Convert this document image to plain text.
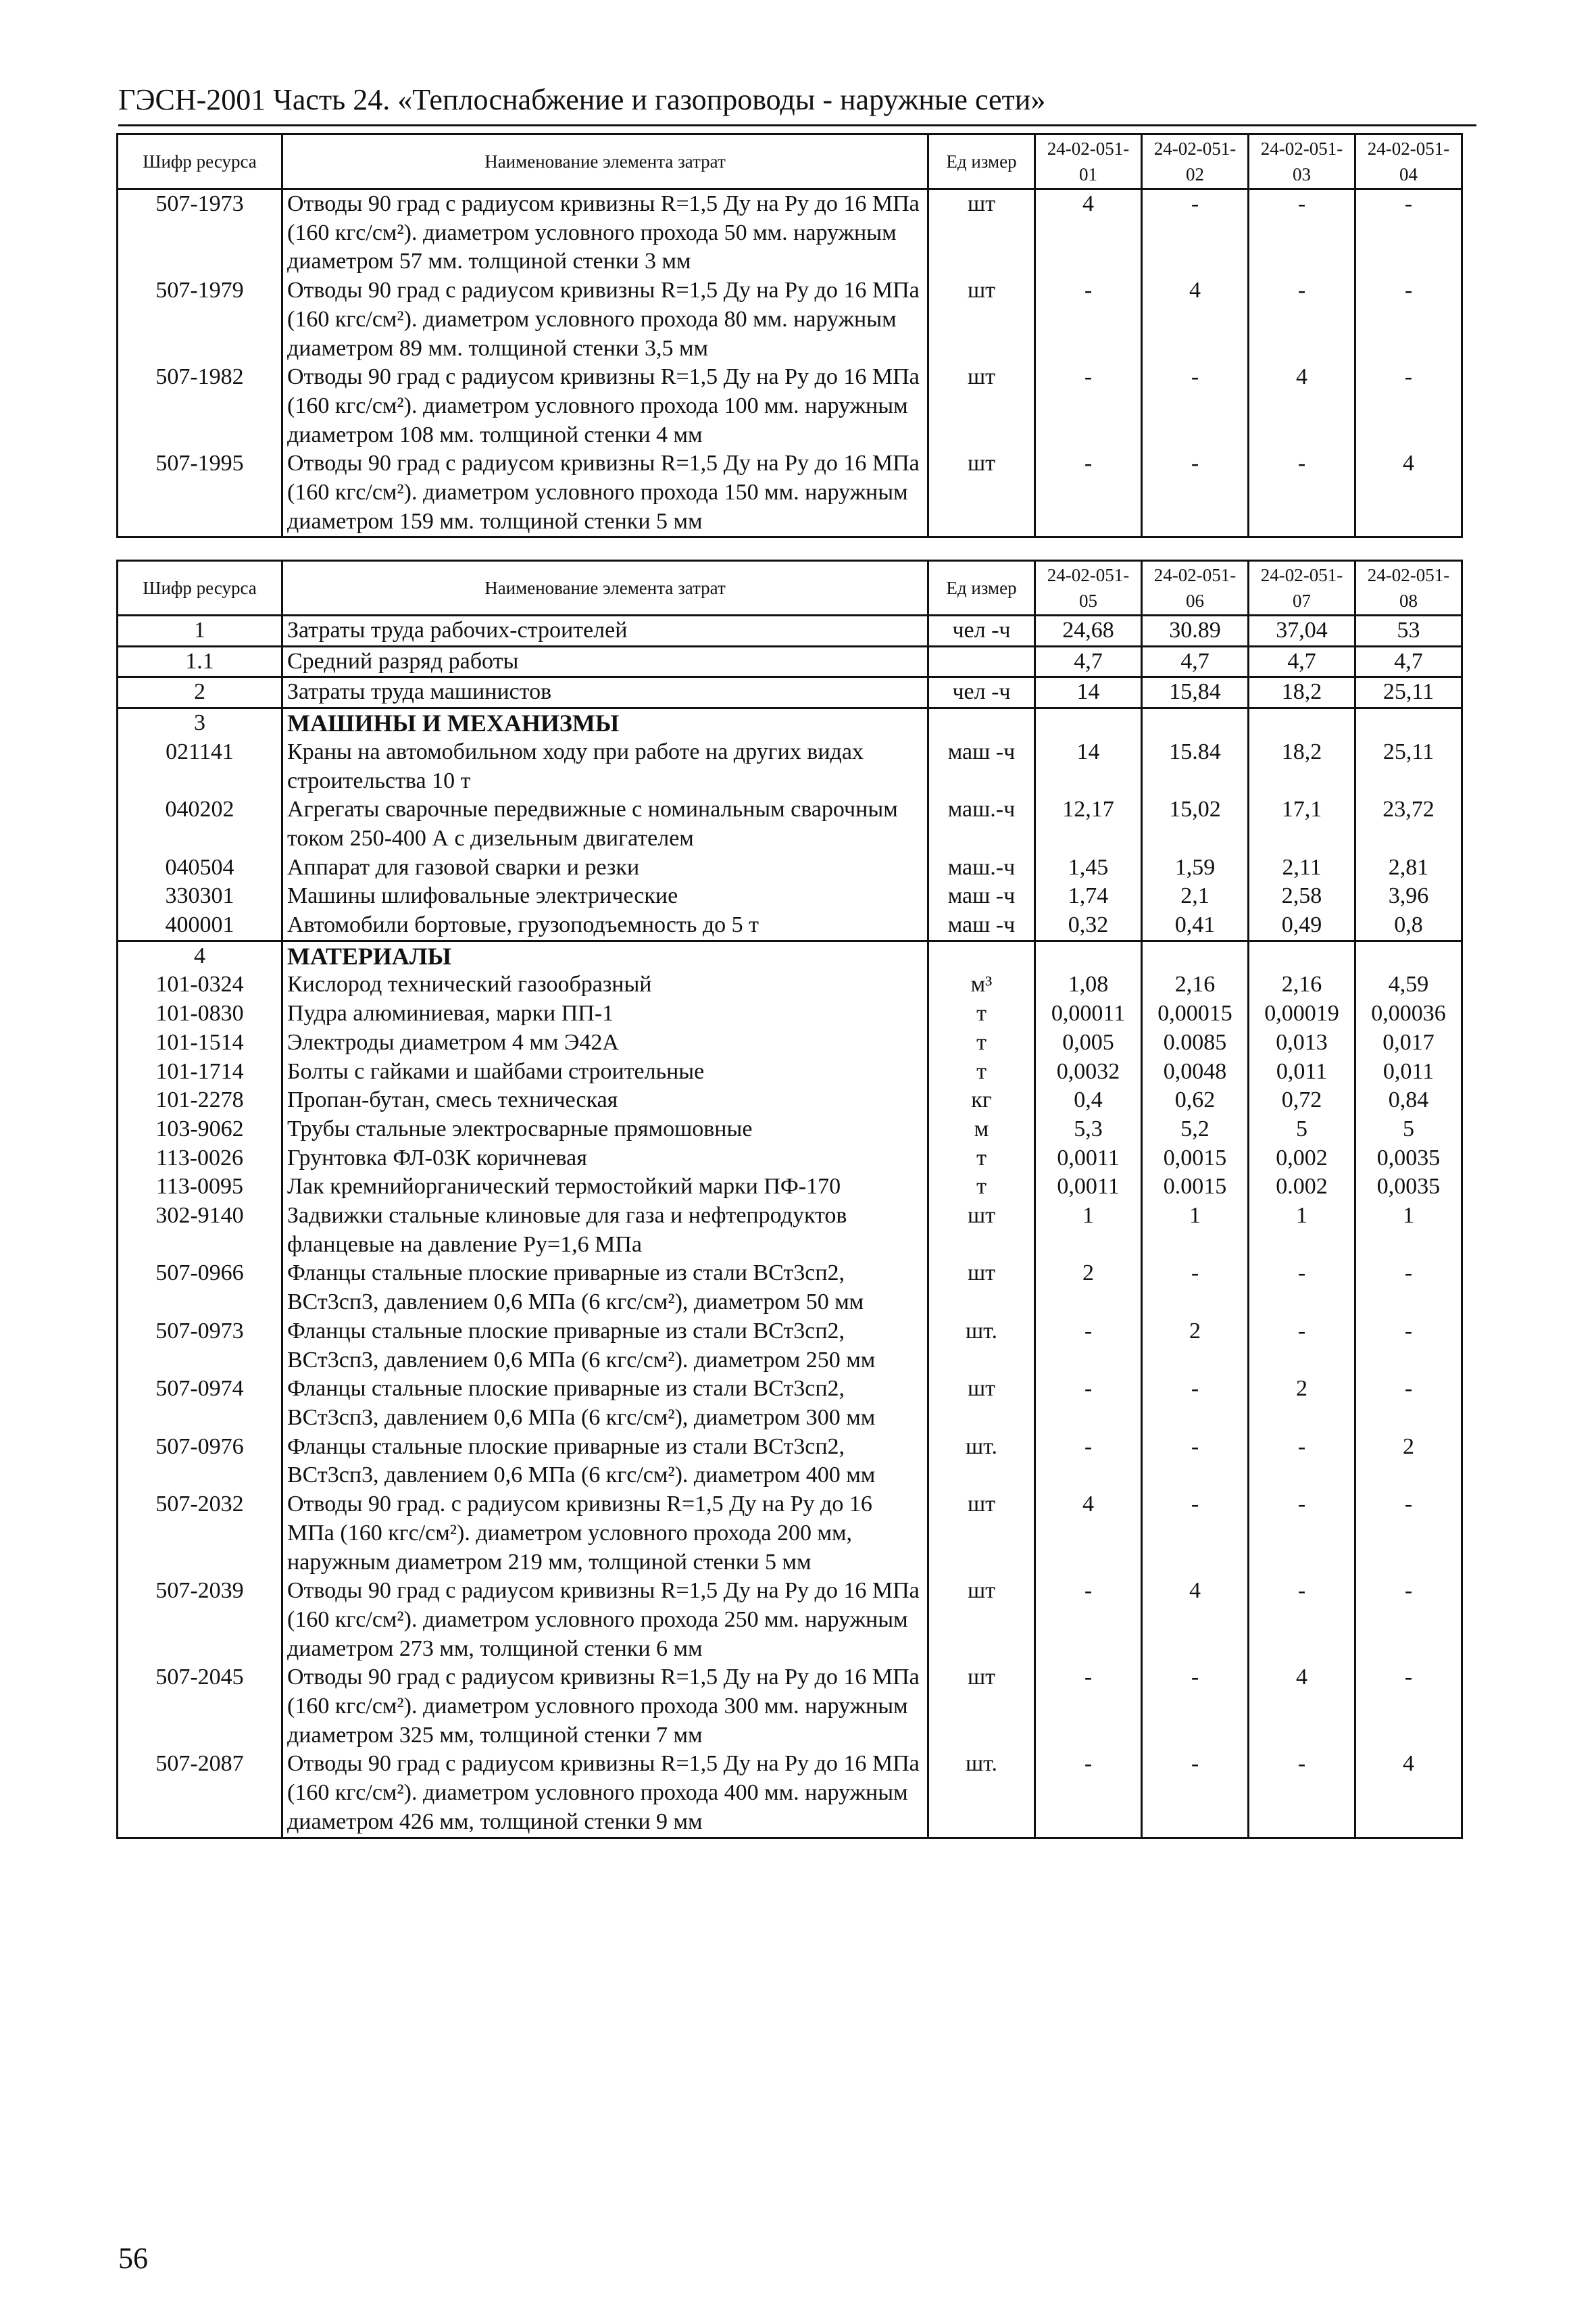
ГЭСН-2001 Часть 24. «Теплоснабжение и газопроводы - наружные сети»
Шифр ресурса	Наименование элемента затрат	Ед измер	24-02-051-01	24-02-051-02	24-02-051-03	24-02-051-04
507-1973	Отводы 90 град с радиусом кривизны R=1,5 Ду на Ру до 16 МПа (160 кгс/см²). диаметром условного прохода 50 мм. наружным диаметром 57 мм. толщиной стенки 3 мм	шт	4	-	-	-
507-1979	Отводы 90 град с радиусом кривизны R=1,5 Ду на Ру до 16 МПа (160 кгс/см²). диаметром условного прохода 80 мм. наружным диаметром 89 мм. толщиной стенки 3,5 мм	шт	-	4	-	-
507-1982	Отводы 90 град с радиусом кривизны R=1,5 Ду на Ру до 16 МПа (160 кгс/см²). диаметром условного прохода 100 мм. наружным диаметром 108 мм. толщиной стенки 4 мм	шт	-	-	4	-
507-1995	Отводы 90 град с радиусом кривизны R=1,5 Ду на Ру до 16 МПа (160 кгс/см²). диаметром условного прохода 150 мм. наружным диаметром 159 мм. толщиной стенки 5 мм	шт	-	-	-	4
Шифр ресурса	Наименование элемента затрат	Ед измер	24-02-051-05	24-02-051-06	24-02-051-07	24-02-051-08
1	Затраты труда рабочих-строителей	чел -ч	24,68	30.89	37,04	53
1.1	Средний разряд работы		4,7	4,7	4,7	4,7
2	Затраты труда машинистов	чел -ч	14	15,84	18,2	25,11
3	МАШИНЫ И МЕХАНИЗМЫ					
021141	Краны на автомобильном ходу при работе на других видах строительства 10 т	маш -ч	14	15.84	18,2	25,11
040202	Агрегаты сварочные передвижные с номинальным сварочным током 250-400 А с дизельным двигателем	маш.-ч	12,17	15,02	17,1	23,72
040504	Аппарат для газовой сварки и резки	маш.-ч	1,45	1,59	2,11	2,81
330301	Машины шлифовальные электрические	маш -ч	1,74	2,1	2,58	3,96
400001	Автомобили бортовые, грузоподъемность до 5 т	маш -ч	0,32	0,41	0,49	0,8
4	МАТЕРИАЛЫ					
101-0324	Кислород технический газообразный	м³	1,08	2,16	2,16	4,59
101-0830	Пудра алюминиевая, марки ПП-1	т	0,00011	0,00015	0,00019	0,00036
101-1514	Электроды диаметром 4 мм Э42А	т	0,005	0.0085	0,013	0,017
101-1714	Болты с гайками и шайбами строительные	т	0,0032	0,0048	0,011	0,011
101-2278	Пропан-бутан, смесь техническая	кг	0,4	0,62	0,72	0,84
103-9062	Трубы стальные электросварные прямошовные	м	5,3	5,2	5	5
113-0026	Грунтовка ФЛ-03К коричневая	т	0,0011	0,0015	0,002	0,0035
113-0095	Лак кремнийорганический термостойкий марки ПФ-170	т	0,0011	0.0015	0.002	0,0035
302-9140	Задвижки стальные клиновые для газа и нефтепродуктов фланцевые на давление Ру=1,6 МПа	шт	1	1	1	1
507-0966	Фланцы стальные плоские приварные из стали ВСт3сп2, ВСт3сп3, давлением 0,6 МПа (6 кгс/см²), диаметром 50 мм	шт	2	-	-	-
507-0973	Фланцы стальные плоские приварные из стали ВСт3сп2, ВСт3сп3, давлением 0,6 МПа (6 кгс/см²). диаметром 250 мм	шт.	-	2	-	-
507-0974	Фланцы стальные плоские приварные из стали ВСт3сп2, ВСт3сп3, давлением 0,6 МПа (6 кгс/см²), диаметром 300 мм	шт	-	-	2	-
507-0976	Фланцы стальные плоские приварные из стали ВСт3сп2, ВСт3сп3, давлением 0,6 МПа (6 кгс/см²). диаметром 400 мм	шт.	-	-	-	2
507-2032	Отводы 90 град. с радиусом кривизны R=1,5 Ду на Ру до 16 МПа (160 кгс/см²). диаметром условного прохода 200 мм, наружным диаметром 219 мм, толщиной стенки 5 мм	шт	4	-	-	-
507-2039	Отводы 90 град с радиусом кривизны R=1,5 Ду на Ру до 16 МПа (160 кгс/см²). диаметром условного прохода 250 мм. наружным диаметром 273 мм, толщиной стенки 6 мм	шт	-	4	-	-
507-2045	Отводы 90 град с радиусом кривизны R=1,5 Ду на Ру до 16 МПа (160 кгс/см²). диаметром условного прохода 300 мм. наружным диаметром 325 мм, толщиной стенки 7 мм	шт	-	-	4	-
507-2087	Отводы 90 град с радиусом кривизны R=1,5 Ду на Ру до 16 МПа (160 кгс/см²). диаметром условного прохода 400 мм. наружным диаметром 426 мм, толщиной стенки 9 мм	шт.	-	-	-	4
56
